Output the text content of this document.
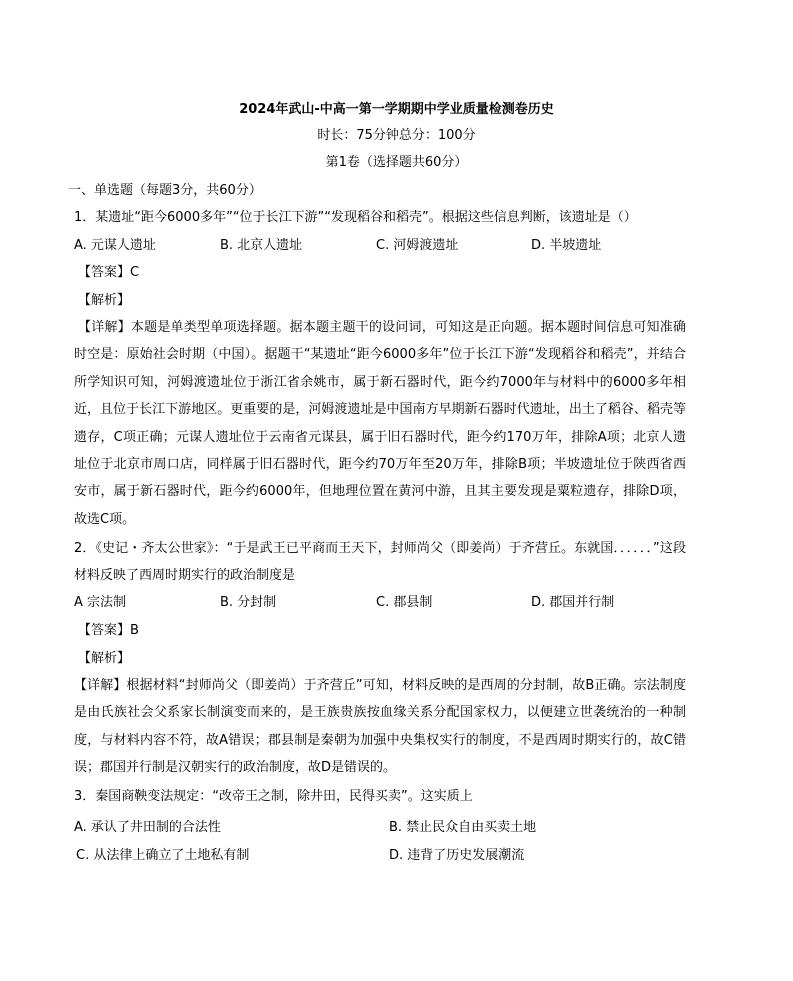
2024年武山-中高一第一学期期中学业质量检测卷历史
时长：75分钟总分：100分
第1卷（选择题共60分）
一、单选题（每题3分，共60分）
1．某遗址“距今6000多年”“位于长江下游”“发现稻谷和稻壳”。根据这些信息判断，该遗址是（）
A. 元谋人遗址	B. 北京人遗址	C. 河姆渡遗址	D. 半坡遗址
【答案】C
【解析】
【详解】本题是单类型单项选择题。据本题主题干的设问词，可知这是正向题。据本题时间信息可知准确时空是：原始社会时期（中国）。据题干“某遗址“距今6000多年”位于长江下游“发现稻谷和稻壳”，并结合所学知识可知，河姆渡遗址位于浙江省余姚市，属于新石器时代，距今约7000年与材料中的6000多年相近，且位于长江下游地区。更重要的是，河姆渡遗址是中国南方早期新石器时代遗址，出土了稻谷、稻壳等遗存，C项正确；元谋人遗址位于云南省元谋县，属于旧石器时代，距今约170万年，排除A项；北京人遗址位于北京市周口店，同样属于旧石器时代，距今约70万年至20万年，排除B项；半坡遗址位于陕西省西安市，属于新石器时代，距今约6000年，但地理位置在黄河中游，且其主要发现是粟粒遗存，排除D项，故选C项。
2．《史记・齐太公世家》：“于是武王已平商而王天下，封师尚父（即姜尚）于齐营丘。东就国．．．．．．”这段材料反映了西周时期实行的政治制度是
A 宗法制	B. 分封制	C. 郡县制	D. 郡国并行制
【答案】B
【解析】
【详解】根据材料“封师尚父（即姜尚）于齐营丘”可知，材料反映的是西周的分封制，故B正确。宗法制度是由氏族社会父系家长制演变而来的，是王族贵族按血缘关系分配国家权力，以便建立世袭统治的一种制度，与材料内容不符，故A错误；郡县制是秦朝为加强中央集权实行的制度，不是西周时期实行的，故C错误；郡国并行制是汉朝实行的政治制度，故D是错误的。
3．秦国商鞅变法规定：“改帝王之制，除井田，民得买卖”。这实质上
A. 承认了井田制的合法性	B. 禁止民众自由买卖土地
C. 从法律上确立了土地私有制	D. 违背了历史发展潮流
